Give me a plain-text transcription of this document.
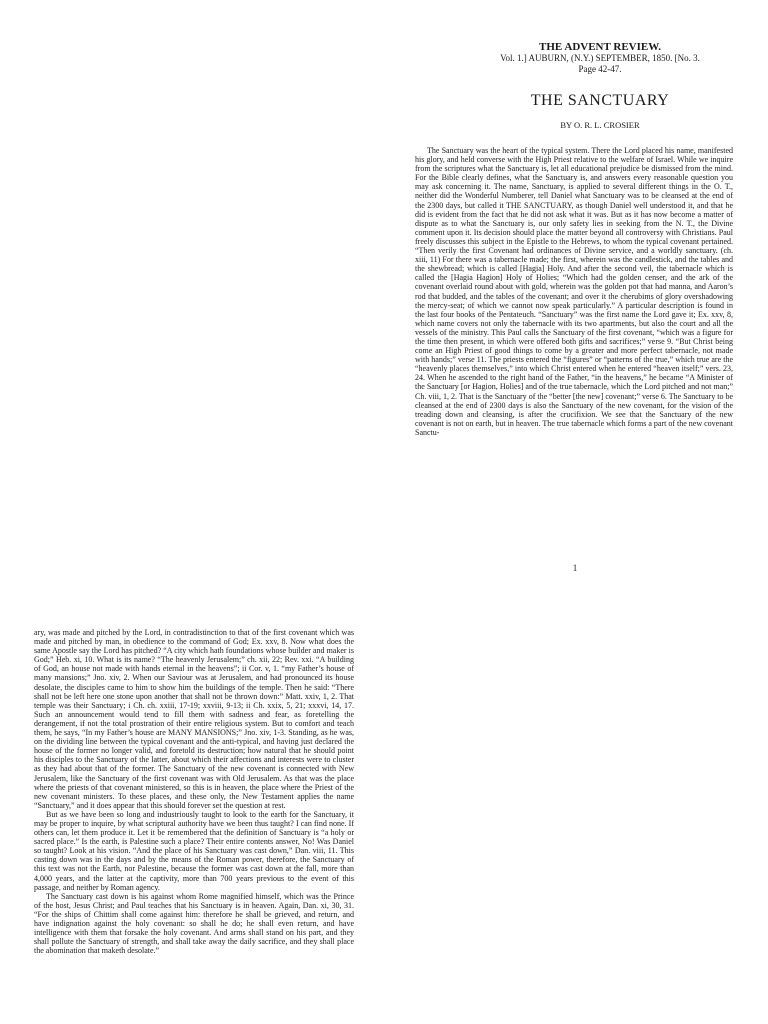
THE ADVENT REVIEW.
Vol. 1.] AUBURN, (N.Y.) SEPTEMBER, 1850. [No. 3.
Page 42-47.
THE SANCTUARY
BY O. R. L. CROSIER

The Sanctuary was the heart of the typical system. There the Lord placed his name, manifested his glory, and held converse with the High Priest relative to the welfare of Israel. While we inquire from the scriptures what the Sanctuary is, let all educational prejudice be dismissed from the mind. For the Bible clearly defines, what the Sanctuary is, and answers every reasonable question you may ask concerning it. The name, Sanctuary, is applied to several different things in the O. T., neither did the Wonderful Numberer, tell Daniel what Sanctuary was to be cleansed at the end of the 2300 days, but called it THE SANCTUARY, as though Daniel well understood it, and that he did is evident from the fact that he did not ask what it was. But as it has now become a matter of dispute as to what the Sanctuary is, our only safety lies in seeking from the N. T., the Divine comment upon it. Its decision should place the matter beyond all controversy with Christians. Paul freely discusses this subject in the Epistle to the Hebrews, to whom the typical covenant pertained. “Then verily the first Covenant had ordinances of Divine service, and a worldly sanctuary. (ch. xiii, 11) For there was a tabernacle made; the first, wherein was the candlestick, and the tables and the shewbread; which is called [Hagia] Holy. And after the second veil, the tabernacle which is called the [Hagia Hagion] Holy of Holies; “Which had the golden censer, and the ark of the covenant overlaid round about with gold, wherein was the golden pot that had manna, and Aaron’s rod that budded, and the tables of the covenant; and over it the cherubims of glory overshadowing the mercy-seat; of which we cannot now speak particularly.” A particular description is found in the last four books of the Pentateuch. “Sanctuary” was the first name the Lord gave it; Ex. xxv, 8, which name covers not only the tabernacle with its two apartments, but also the court and all the vessels of the ministry. This Paul calls the Sanctuary of the first covenant, “which was a figure for the time then present, in which were offered both gifts and sacrifices;” verse 9. “But Christ being come an High Priest of good things to come by a greater and more perfect tabernacle, not made with hands;” verse 11. The priests entered the “figures” or “patterns of the true,” which true are the “heavenly places themselves,” into which Christ entered when he entered “heaven itself;” vers. 23, 24. When he ascended to the right hand of the Father, “in the heavens,” he became “A Minister of the Sanctuary [or Hagion, Holies] and of the true tabernacle, which the Lord pitched and not man;” Ch. viii, 1, 2. That is the Sanctuary of the “better [the new] covenant;” verse 6. The Sanctuary to be cleansed at the end of 2300 days is also the Sanctuary of the new covenant, for the vision of the treading down and cleansing, is after the crucifixion. We see that the Sanctuary of the new covenant is not on earth, but in heaven. The true tabernacle which forms a part of the new covenant Sanctu-

1

ary, was made and pitched by the Lord, in contradistinction to that of the first covenant which was made and pitched by man, in obedience to the command of God; Ex. xxv, 8. Now what does the same Apostle say the Lord has pitched? “A city which hath foundations whose builder and maker is God;” Heb. xi, 10. What is its name? “The heavenly Jerusalem;” ch. xii, 22; Rev. xxi. “A building of God, an house not made with hands eternal in the heavens”; ii Cor. v, 1. “my Father’s house of many mansions;” Jno. xiv, 2. When our Saviour was at Jerusalem, and had pronounced its house desolate, the disciples came to him to show him the buildings of the temple. Then he said: “There shall not be left here one stone upon another that shall not be thrown down:” Matt. xxiv, 1, 2. That temple was their Sanctuary; i Ch. ch. xxiii, 17-19; xxviii, 9-13; ii Ch. xxix, 5, 21; xxxvi, 14, 17. Such an announcement would tend to fill them with sadness and fear, as foretelling the derangement, if not the total prostration of their entire religious system. But to comfort and teach them, he says, “In my Father’s house are MANY MANSIONS;” Jno. xiv, 1-3. Standing, as he was, on the dividing line between the typical covenant and the anti-typical, and having just declared the house of the former no longer valid, and foretold its destruction; how natural that he should point his disciples to the Sanctuary of the latter, about which their affections and interests were to cluster as they had about that of the former. The Sanctuary of the new covenant is connected with New Jerusalem, like the Sanctuary of the first covenant was with Old Jerusalem. As that was the place where the priests of that covenant ministered, so this is in heaven, the place where the Priest of the new covenant ministers. To these places, and these only, the New Testament applies the name “Sanctuary,” and it does appear that this should forever set the question at rest.

But as we have been so long and industriously taught to look to the earth for the Sanctuary, it may be proper to inquire, by what scriptural authority have we been thus taught? I can find none. If others can, let them produce it. Let it be remembered that the definition of Sanctuary is “a holy or sacred place.” Is the earth, is Palestine such a place? Their entire contents answer, No! Was Daniel so taught? Look at his vision. “And the place of his Sanctuary was cast down,” Dan. viii, 11. This casting down was in the days and by the means of the Roman power, therefore, the Sanctuary of this text was not the Earth, nor Palestine, because the former was cast down at the fall, more than 4,000 years, and the latter at the captivity, more than 700 years previous to the event of this passage, and neither by Roman agency.

The Sanctuary cast down is his against whom Rome magnified himself, which was the Prince of the host, Jesus Christ; and Paul teaches that his Sanctuary is in heaven. Again, Dan. xi, 30, 31. “For the ships of Chittim shall come against him: therefore he shall be grieved, and return, and have indignation against the holy covenant: so shall he do; he shall even return, and have intelligence with them that forsake the holy covenant. And arms shall stand on his part, and they shall pollute the Sanctuary of strength, and shall take away the daily sacrifice, and they shall place the abomination that maketh desolate.”
